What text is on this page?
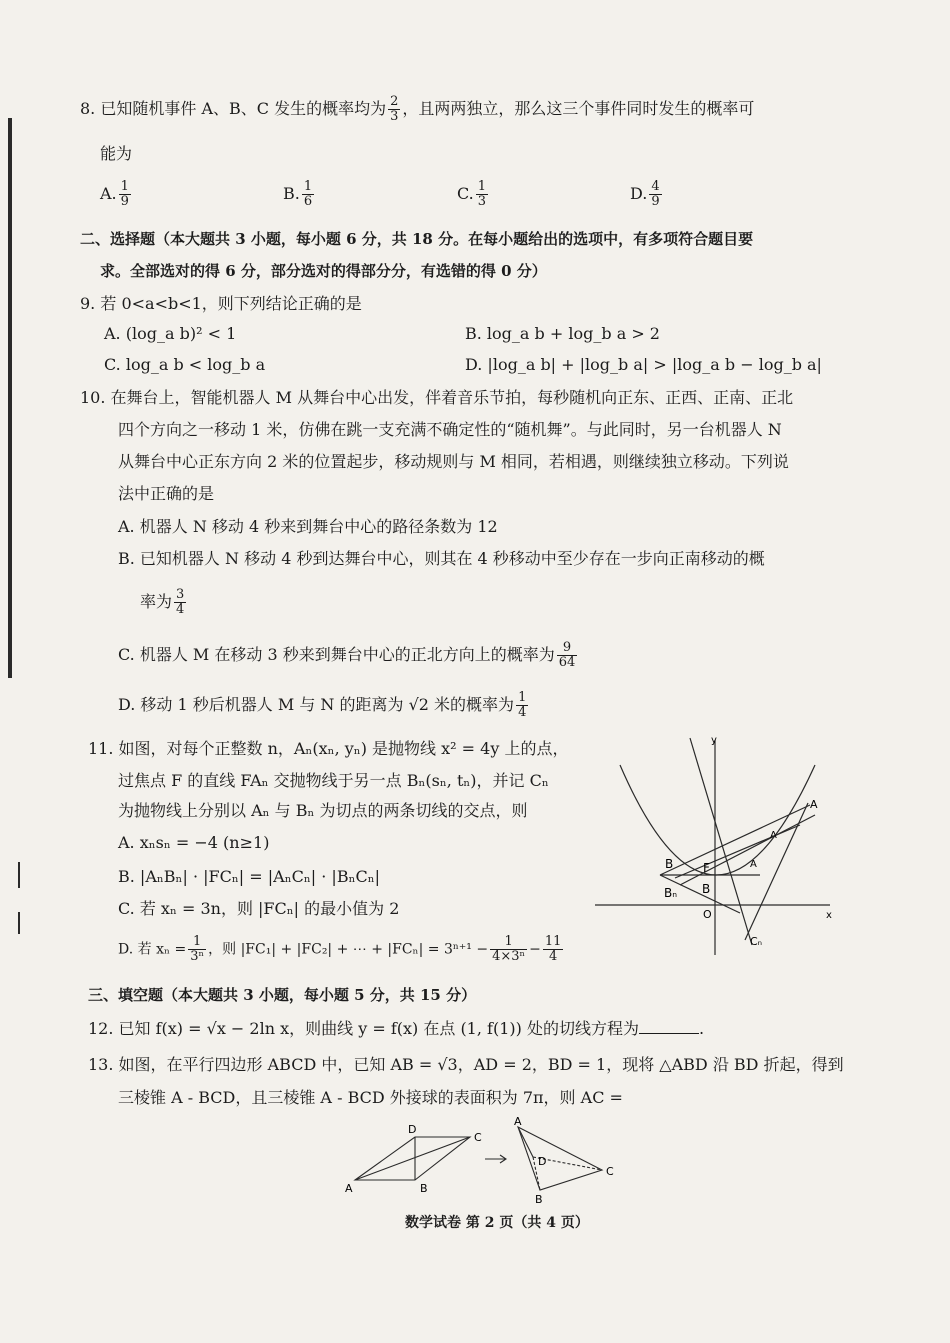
8. 已知随机事件 A、B、C 发生的概率均为 $\frac{2}{3}$ ，且两两独立，那么这三个事件同时发生的概率可
能为
A. $\frac{1}{9}$	B. $\frac{1}{6}$	C. $\frac{1}{3}$	D. $\frac{4}{9}$
二、选择题（本大题共 3 小题，每小题 6 分，共 18 分。在每小题给出的选项中，有多项符合题目要
求。全部选对的得 6 分，部分选对的得部分分，有选错的得 0 分）
9. 若 0<a<b<1，则下列结论正确的是
A. (log_a b)² < 1	B. log_a b + log_b a > 2
C. log_a b < log_b a	D. |log_a b| + |log_b a| > |log_a b − log_b a|
10. 在舞台上，智能机器人 M 从舞台中心出发，伴着音乐节拍，每秒随机向正东、正西、正南、正北
四个方向之一移动 1 米，仿佛在跳一支充满不确定性的“随机舞”。与此同时，另一台机器人 N
从舞台中心正东方向 2 米的位置起步，移动规则与 M 相同，若相遇，则继续独立移动。下列说
法中正确的是
A. 机器人 N 移动 4 秒来到舞台中心的路径条数为 12
B. 已知机器人 N 移动 4 秒到达舞台中心，则其在 4 秒移动中至少存在一步向正南移动的概
率为 $\frac{3}{4}$
C. 机器人 M 在移动 3 秒来到舞台中心的正北方向上的概率为 $\frac{9}{64}$
D. 移动 1 秒后机器人 M 与 N 的距离为 √2 米的概率为 $\frac{1}{4}$
11. 如图，对每个正整数 n，Aₙ(xₙ, yₙ) 是抛物线 x² = 4y 上的点，
过焦点 F 的直线 FAₙ 交抛物线于另一点 Bₙ(sₙ, tₙ)，并记 Cₙ
为抛物线上分别以 Aₙ 与 Bₙ 为切点的两条切线的交点，则
A. xₙsₙ = −4 (n≥1)
B. |AₙBₙ| · |FCₙ| = |AₙCₙ| · |BₙCₙ|
C. 若 xₙ = 3n，则 |FCₙ| 的最小值为 2
D. 若 $x_n = \frac{1}{\text{3ⁿ}}$ ，则 |FC₁| + |FC₂| + ⋯ + $|FC_n| = 3^{n+1} - \frac{1}{\text{4×3ⁿ}} - \frac{11}{4}$
y
x
B F
B
Bₙ
O
A
A
A
Cₙ
三、填空题（本大题共 3 小题，每小题 5 分，共 15 分）
12. 已知 f(x) = √x − 2ln x，则曲线 y = f(x) 在点 (1, f(1)) 处的切线方程为	.
13. 如图，在平行四边形 ABCD 中，已知 AB = √3，AD = 2，BD = 1，现将 △ABD 沿 BD 折起，得到
三棱锥 A - BCD，且三棱锥 A - BCD 外接球的表面积为 7π，则 AC =
A	B
C
D
A
B
C
D
数学试卷 第 2 页（共 4 页）
